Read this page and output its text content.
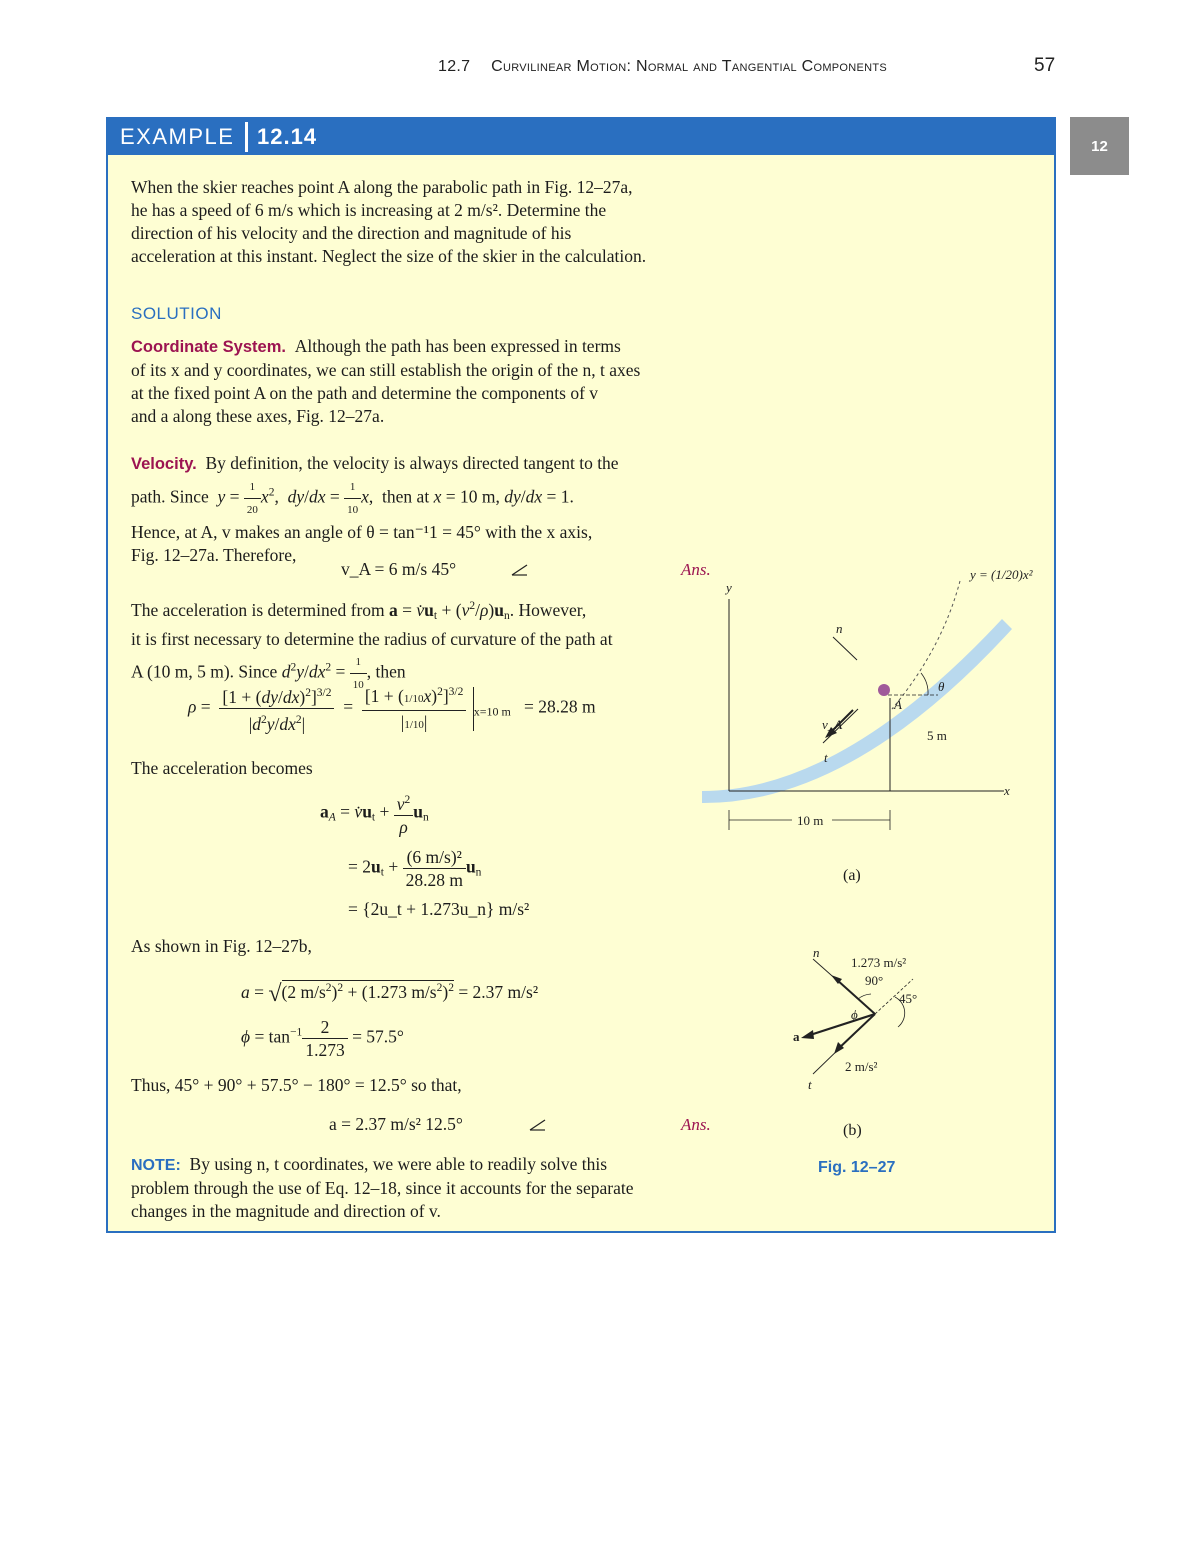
12.7 Curvilinear Motion: Normal and Tangential Components	57
12
EXAMPLE 12.14
When the skier reaches point A along the parabolic path in Fig. 12–27a,
he has a speed of 6 m/s which is increasing at 2 m/s². Determine the
direction of his velocity and the direction and magnitude of his
acceleration at this instant. Neglect the size of the skier in the calculation.
SOLUTION
Coordinate System. Although the path has been expressed in terms
of its x and y coordinates, we can still establish the origin of the n, t axes
at the fixed point A on the path and determine the components of v
and a along these axes, Fig. 12–27a.
Velocity. By definition, the velocity is always directed tangent to the
path. Since $y = \frac{1}{20} x^2$,  $dy/dx = \frac{1}{10} x$,  then at x = 10 m, dy/dx = 1.
Hence, at A, v makes an angle of θ = tan⁻¹1 = 45° with the x axis,
Fig. 12–27a. Therefore,
v_A = 6 m/s 45°	Ans.
The acceleration is determined from $a = v̇u_t + (v^2/\rho)u_n$. However,
it is first necessary to determine the radius of curvature of the path at
A (10 m, 5 m). Since $d^2y/dx^2 = \frac{1}{10}$ , then
$\rho = \frac{[1 + (dy/dx)^2]^{3/2}}{|d^2y/dx^2|} = \frac{[1 + (1/10x)^2]^{3/2}}{|1/10|} _{x=10 m} = 28.28$ m
The acceleration becomes
$a_A$ = $v̇u_t + \frac{v^2}{\rho} u_n$
= $2u_t + \frac{\text{(6 m/s)²}}{28.28 m} u_n$
= {2u_t + 1.273u_n} m/s²
As shown in Fig. 12–27b,
a = √(2 $m/s^2)^2 + (1.273$ $m/s^2)^2 = 2.37$ m/s²
$\phi = \tan^{-1} \frac{2}{1.273} = 57.5^\circ$
Thus, 45° + 90° + 57.5° − 180° = 12.5° so that,
a = 2.37 m/s² 12.5°	Ans.
NOTE: By using n, t coordinates, we were able to readily solve this
problem through the use of Eq. 12–18, since it accounts for the separate
changes in the magnitude and direction of v.
y
x
y = (1/20)x²
n
t
v_A
θ
A
5 m
10 m
(a)
n
t
1.273 m/s²
2 m/s²
a
45°
90°
ϕ
(b)
Fig. 12–27
